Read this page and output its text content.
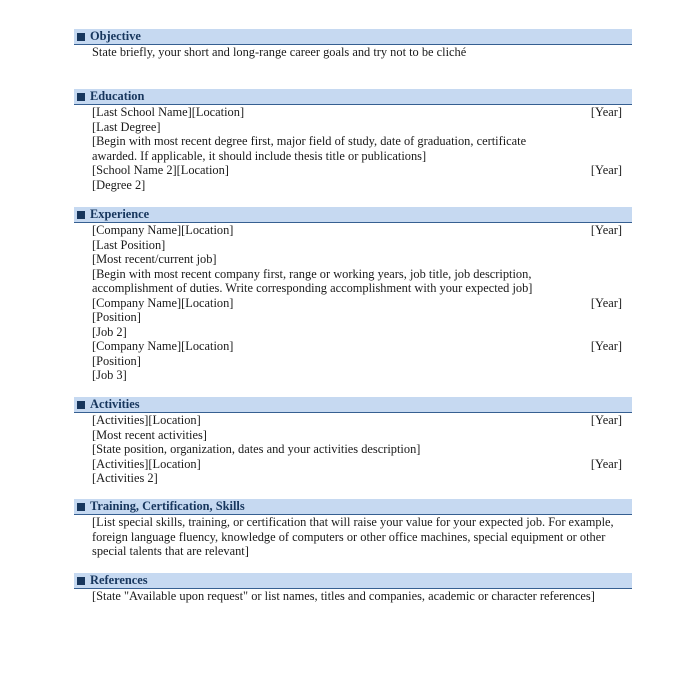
Objective
State briefly, your short and long-range career goals and try not to be cliché
Education
[Last School Name][Location]	[Year]
[Last Degree]
[Begin with most recent degree first, major field of study, date of graduation, certificate
awarded. If applicable, it should include thesis title or publications]
[School Name 2][Location]	[Year]
[Degree 2]
Experience
[Company Name][Location]	[Year]
[Last Position]
[Most recent/current job]
[Begin with most recent company first, range or working years, job title, job description,
accomplishment of duties. Write corresponding accomplishment with your expected job]
[Company Name][Location]	[Year]
[Position]
[Job 2]
[Company Name][Location]	[Year]
[Position]
[Job 3]
Activities
[Activities][Location]	[Year]
[Most recent activities]
[State position, organization, dates and your activities description]
[Activities][Location]	[Year]
[Activities 2]
Training, Certification, Skills
[List special skills, training, or certification that will raise your value for your expected job. For example,
foreign language fluency, knowledge of computers or other office machines, special equipment or other
special talents that are relevant]
References
[State "Available upon request" or list names, titles and companies, academic or character references]
